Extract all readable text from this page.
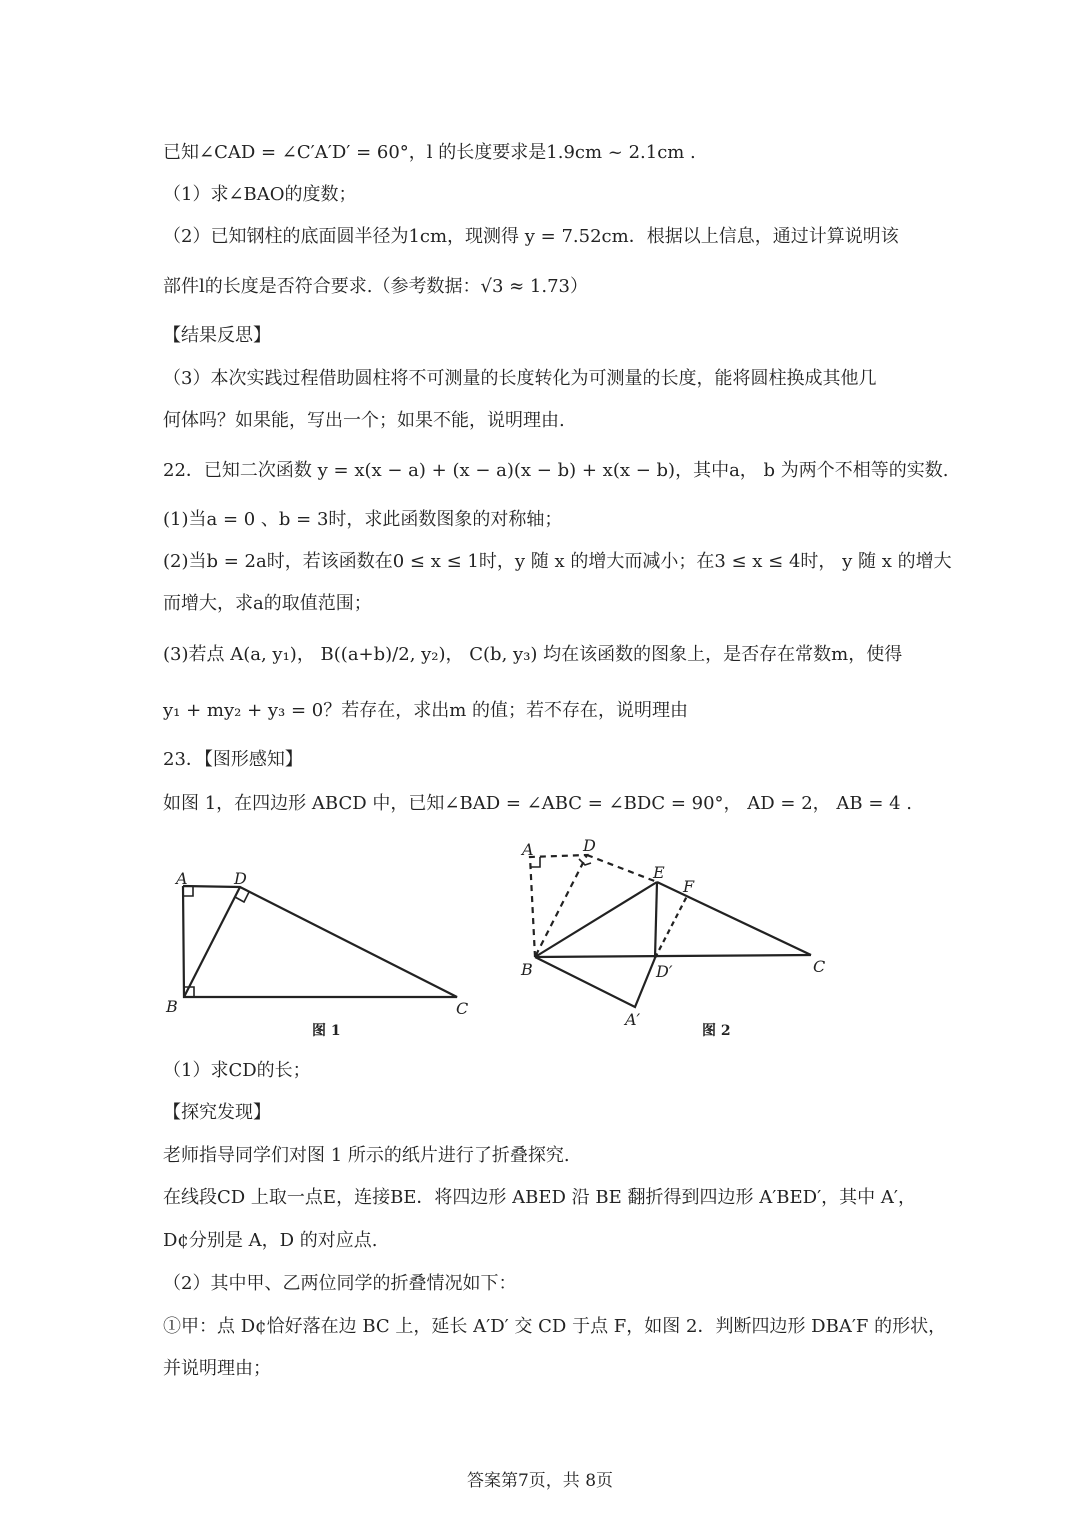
已知∠CAD = ∠C′A′D′ = 60°，l 的长度要求是1.9cm ~ 2.1cm .
（1）求∠BAO的度数；
（2）已知钢柱的底面圆半径为1cm，现测得 y = 7.52cm．根据以上信息，通过计算说明该
部件l的长度是否符合要求.（参考数据：√3 ≈ 1.73）
【结果反思】
（3）本次实践过程借助圆柱将不可测量的长度转化为可测量的长度，能将圆柱换成其他几
何体吗？如果能，写出一个；如果不能，说明理由.
22．已知二次函数 y = x(x − a) + (x − a)(x − b) + x(x − b)，其中a， b 为两个不相等的实数.
(1)当a = 0 、b = 3时，求此函数图象的对称轴；
(2)当b = 2a时，若该函数在0 ≤ x ≤ 1时，y 随 x 的增大而减小；在3 ≤ x ≤ 4时， y 随 x 的增大
而增大，求a的取值范围；
(3)若点 A(a, y₁)， B((a+b)/2, y₂)， C(b, y₃) 均在该函数的图象上，是否存在常数m，使得
y₁ + my₂ + y₃ = 0？若存在，求出m 的值；若不存在，说明理由
23．【图形感知】
如图 1，在四边形 ABCD 中，已知∠BAD = ∠ABC = ∠BDC = 90°， AD = 2， AB = 4 .
A	D
B	C
图 1
A	D
E
F
B	C
D′
A′
图 2
（1）求CD的长；
【探究发现】
老师指导同学们对图 1 所示的纸片进行了折叠探究.
在线段CD 上取一点E，连接BE．将四边形 ABED 沿 BE 翻折得到四边形 A′BED′，其中 A′，
D¢分别是 A，D 的对应点.
（2）其中甲、乙两位同学的折叠情况如下：
①甲：点 D¢恰好落在边 BC 上，延长 A′D′ 交 CD 于点 F，如图 2．判断四边形 DBA′F 的形状，
并说明理由；
答案第7页，共 8页
